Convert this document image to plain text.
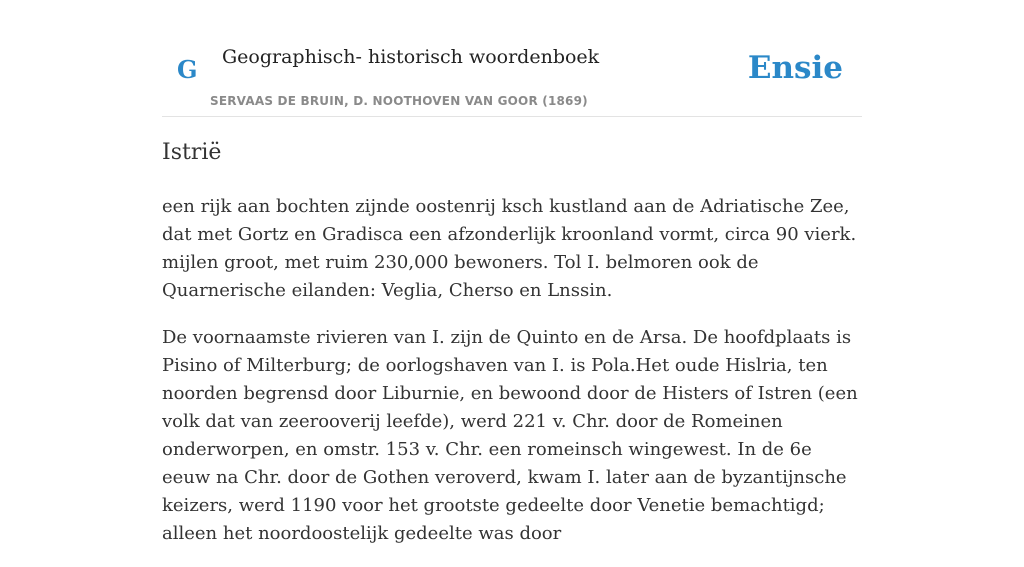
G Geographisch- historisch woordenboek
SERVAAS DE BRUIN, D. NOOTHOVEN VAN GOOR (1869)
Ensie
Istrië

een rijk aan bochten zijnde oostenrij ksch kustland aan de Adriatische Zee, dat met Gortz en Gradisca een afzonderlijk kroonland vormt, circa 90 vierk. mijlen groot, met ruim 230,000 bewoners. Tol I. belmoren ook de Quarnerische eilanden: Veglia, Cherso en Lnssin.

De voornaamste rivieren van I. zijn de Quinto en de Arsa. De hoofdplaats is Pisino of Milterburg; de oorlogshaven van I. is Pola.Het oude Hislria, ten noorden begrensd door Liburnie, en bewoond door de Histers of Istren (een volk dat van zeerooverij leefde), werd 221 v. Chr. door de Romeinen onderworpen, en omstr. 153 v. Chr. een romeinsch wingewest. In de 6e eeuw na Chr. door de Gothen veroverd, kwam I. later aan de byzantijnsche keizers, werd 1190 voor het grootste gedeelte door Venetie bemachtigd; alleen het noordoostelijk gedeelte was door
